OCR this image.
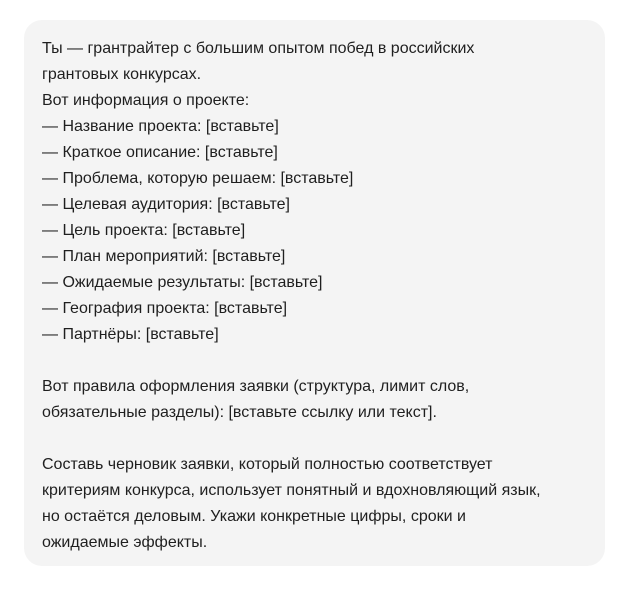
Ты — грантрайтер с большим опытом побед в российских

грантовых конкурсах.

Вот информация о проекте:

— Название проекта: [вставьте]

— Краткое описание: [вставьте]

— Проблема, которую решаем: [вставьте]

— Целевая аудитория: [вставьте]

— Цель проекта: [вставьте]

— План мероприятий: [вставьте]

— Ожидаемые результаты: [вставьте]

— География проекта: [вставьте]

— Партнёры: [вставьте]

Вот правила оформления заявки (структура, лимит слов,

обязательные разделы): [вставьте ссылку или текст].

Составь черновик заявки, который полностью соответствует

критериям конкурса, использует понятный и вдохновляющий язык,

но остаётся деловым. Укажи конкретные цифры, сроки и

ожидаемые эффекты.
